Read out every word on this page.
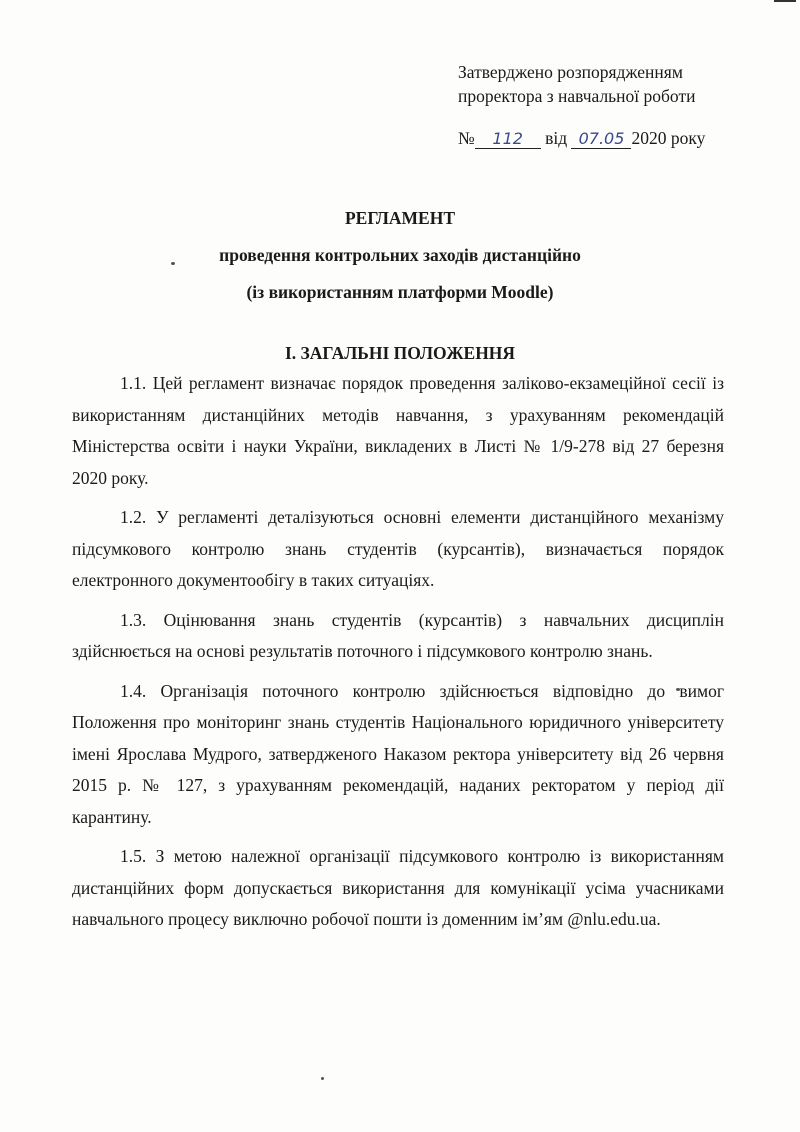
Затверджено розпорядженням
проректора з навчальної роботи
№ 112 від 07.05 2020 року
РЕГЛАМЕНТ
проведення контрольних заходів дистанційно
(із використанням платформи Moodle)
І. ЗАГАЛЬНІ ПОЛОЖЕННЯ

1.1. Цей регламент визначає порядок проведення заліково-екзамеційної сесії із використанням дистанційних методів навчання, з урахуванням рекомендацій Міністерства освіти і науки України, викладених в Листі № 1/9-278 від 27 березня 2020 року.

1.2. У регламенті деталізуються основні елементи дистанційного механізму підсумкового контролю знань студентів (курсантів), визначається порядок електронного документообігу в таких ситуаціях.

1.3. Оцінювання знань студентів (курсантів) з навчальних дисциплін здійснюється на основі результатів поточного і підсумкового контролю знань.

1.4. Організація поточного контролю здійснюється відповідно до вимог Положення про моніторинг знань студентів Національного юридичного університету імені Ярослава Мудрого, затвердженого Наказом ректора університету від 26 червня 2015 р. № 127, з урахуванням рекомендацій, наданих ректоратом у період дії карантину.

1.5. З метою належної організації підсумкового контролю із використанням дистанційних форм допускається використання для комунікації усіма учасниками навчального процесу виключно робочої пошти із доменним ім’ям @nlu.edu.ua.
